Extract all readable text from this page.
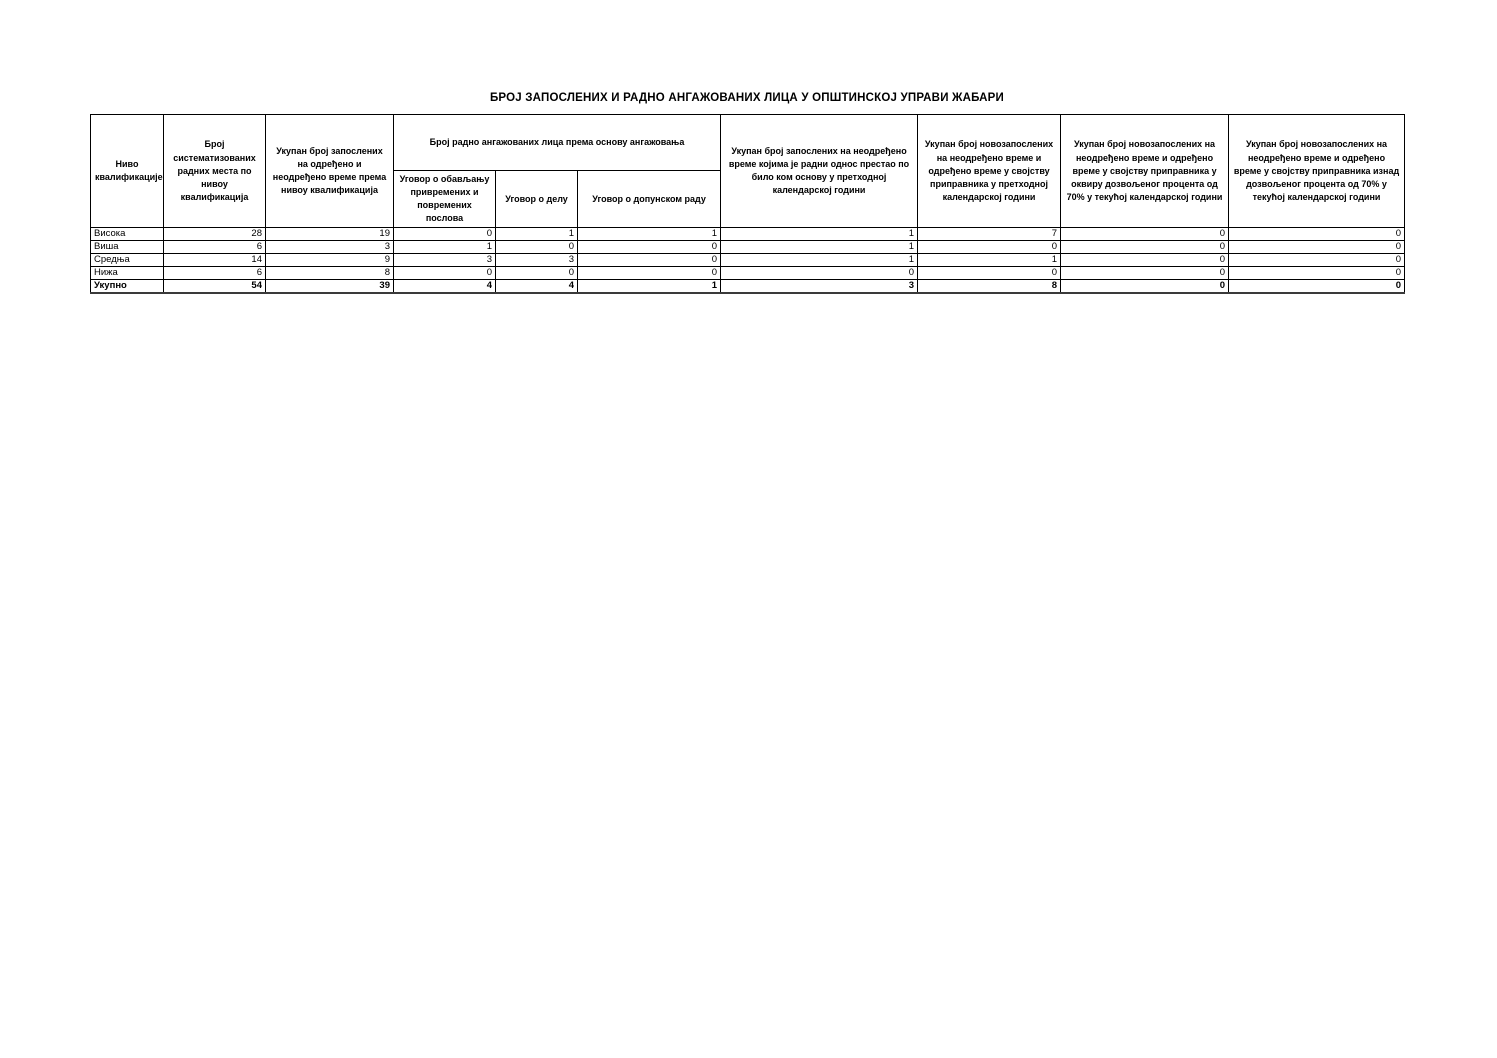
БРОЈ ЗАПОСЛЕНИХ И РАДНО АНГАЖОВАНИХ ЛИЦА У ОПШТИНСКОЈ УПРАВИ ЖАБАРИ
Ниво квалификације	Број систематизованих радних места по нивоу квалификација	Укупан број запослених на одређено и неодређено време према нивоу квалификација	Број радно ангажованих лица према основу ангажовања			Укупан број запослених на неодређено време којима је радни однос престао по било ком основу у претходној календарској години	Укупан број новозапослених на неодређено време и одређено време у својству приправника у претходној календарској години	Укупан број новозапослених на неодређено време и одређено време у својству приправника у оквиру дозвољеног процента од 70% у текућој календарској години	Укупан број новозапослених на неодређено време и одређено време у својству приправника изнад дозвољеног процента од 70% у текућој календарској години
			Уговор о обављању привремених и повремених послова	Уговор о делу	Уговор о допунском раду				
Висока	28	19	0	1	1	1	7	0	0
Виша	6	3	1	0	0	1	0	0	0
Средња	14	9	3	3	0	1	1	0	0
Нижа	6	8	0	0	0	0	0	0	0
Укупно	54	39	4	4	1	3	8	0	0
